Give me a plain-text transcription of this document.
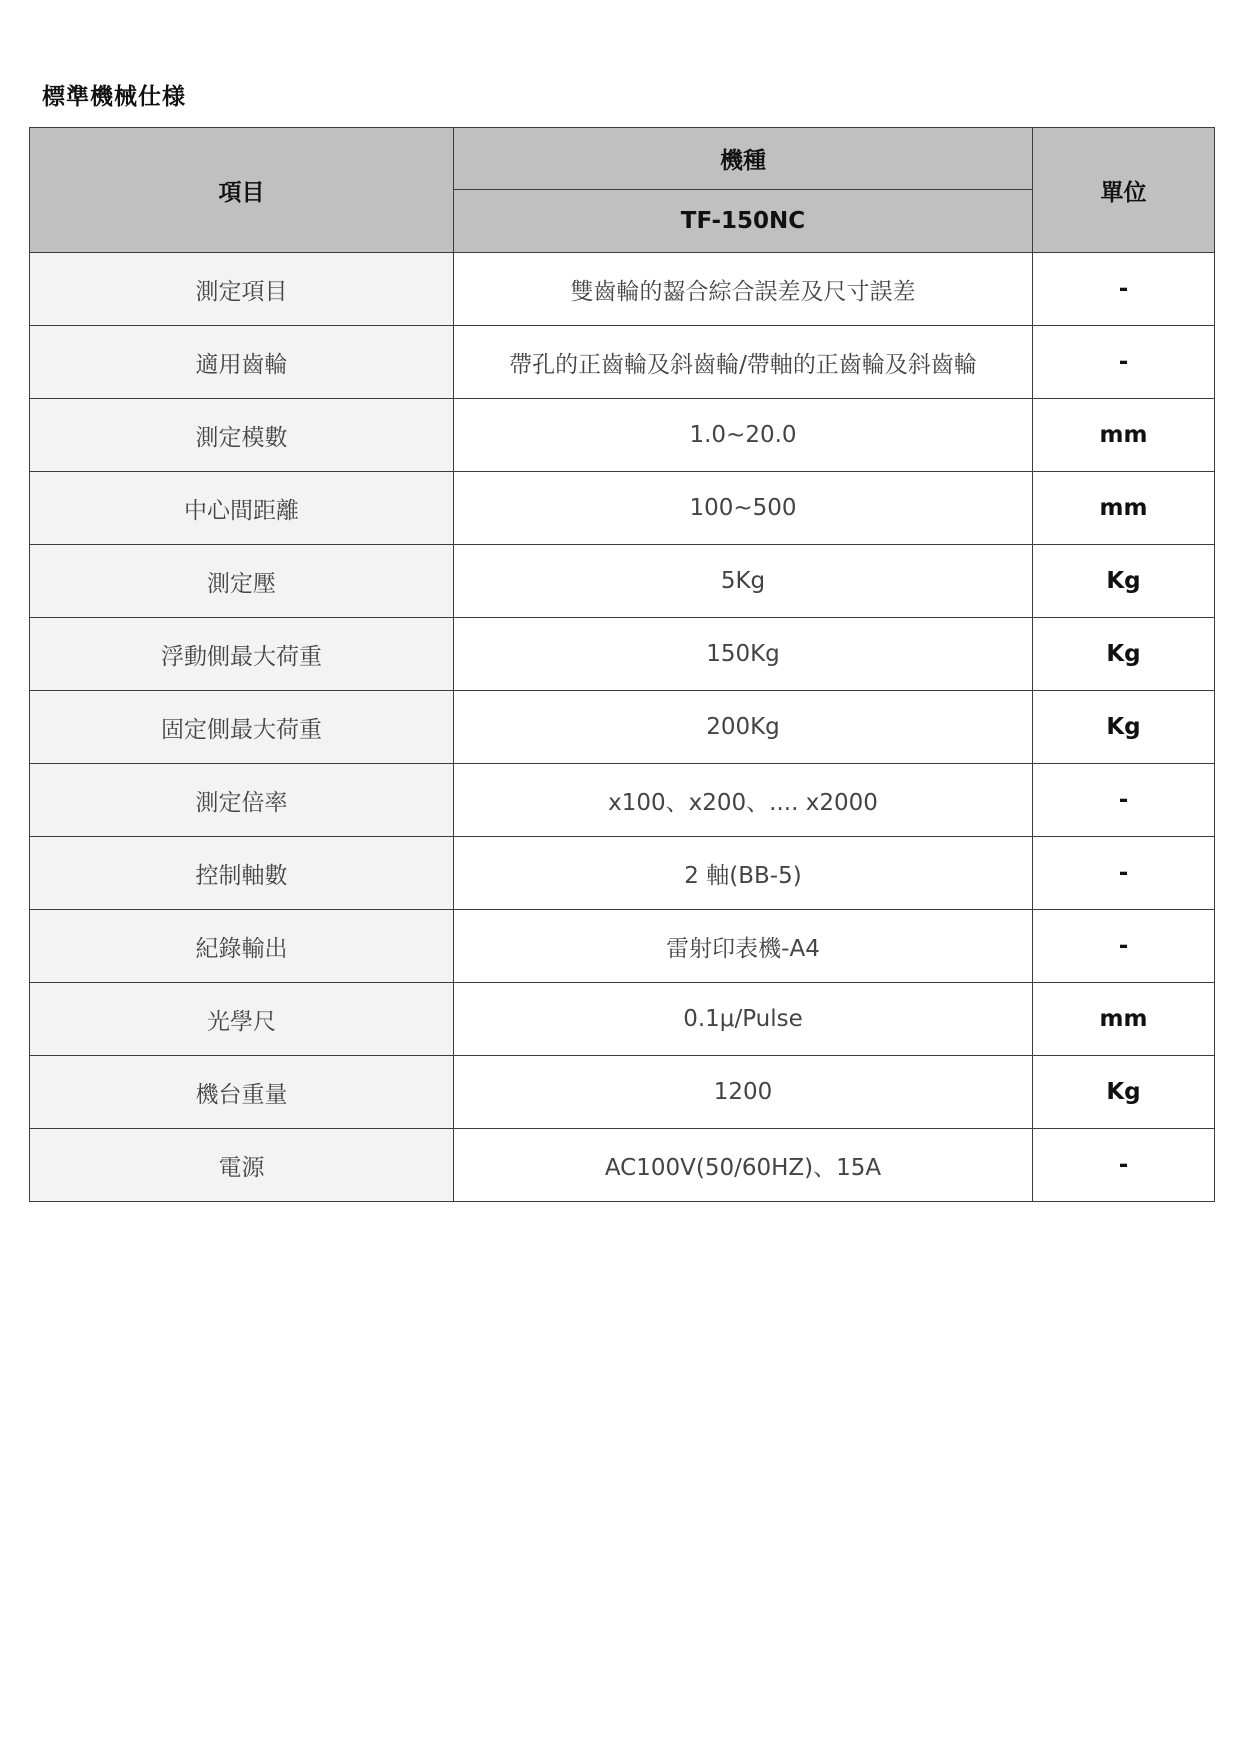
標準機械仕様
項目	機種	單位
	TF-150NC	
測定項目	雙齒輪的齧合綜合誤差及尺寸誤差	-
適用齒輪	帶孔的正齒輪及斜齒輪/帶軸的正齒輪及斜齒輪	-
測定模數	1.0~20.0	mm
中心間距離	100~500	mm
測定壓	5Kg	Kg
浮動側最大荷重	150Kg	Kg
固定側最大荷重	200Kg	Kg
測定倍率	x100、x200、.... x2000	-
控制軸數	2 軸(BB-5)	-
紀錄輸出	雷射印表機-A4	-
光學尺	0.1μ/Pulse	mm
機台重量	1200	Kg
電源	AC100V(50/60HZ)、15A	-
